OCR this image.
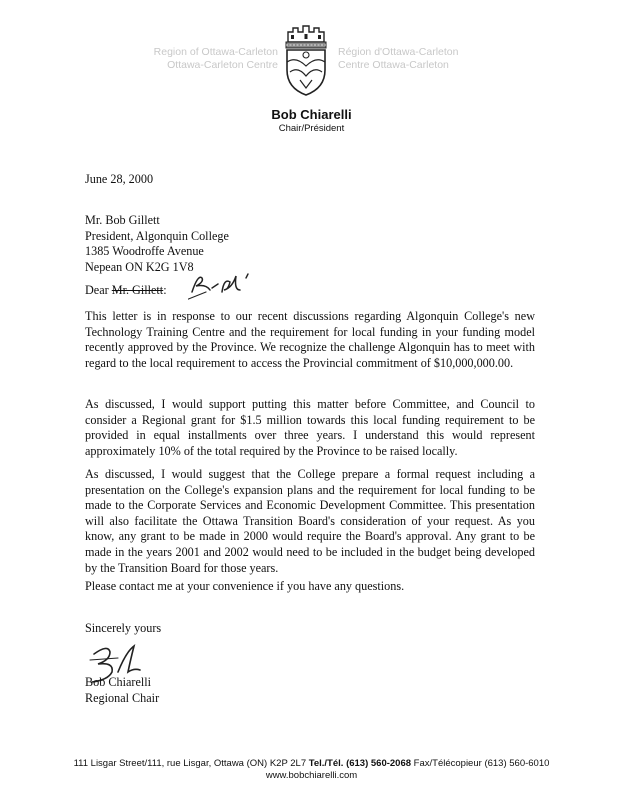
Region of Ottawa-Carleton
Ottawa-Carleton Centre
Région d'Ottawa-Carleton
Centre Ottawa-Carleton
Bob Chiarelli
Chair/Président
June 28, 2000
Mr. Bob Gillett
President, Algonquin College
1385 Woodroffe Avenue
Nepean ON K2G 1V8
Dear Mr. Gillett:
This letter is in response to our recent discussions regarding Algonquin College's new Technology Training Centre and the requirement for local funding in your funding model recently approved by the Province. We recognize the challenge Algonquin has to meet with regard to the local requirement to access the Provincial commitment of $10,000,000.00.
As discussed, I would support putting this matter before Committee, and Council to consider a Regional grant for $1.5 million towards this local funding requirement to be provided in equal installments over three years. I understand this would represent approximately 10% of the total required by the Province to be raised locally.
As discussed, I would suggest that the College prepare a formal request including a presentation on the College's expansion plans and the requirement for local funding to be made to the Corporate Services and Economic Development Committee. This presentation will also facilitate the Ottawa Transition Board's consideration of your request. As you know, any grant to be made in 2000 would require the Board's approval. Any grant to be made in the years 2001 and 2002 would need to be included in the budget being developed by the Transition Board for those years.
Please contact me at your convenience if you have any questions.
Sincerely yours
Bob Chiarelli
Regional Chair
111 Lisgar Street/111, rue Lisgar, Ottawa (ON) K2P 2L7 Tel./Tél. (613) 560-2068 Fax/Télécopieur (613) 560-6010
www.bobchiarelli.com
